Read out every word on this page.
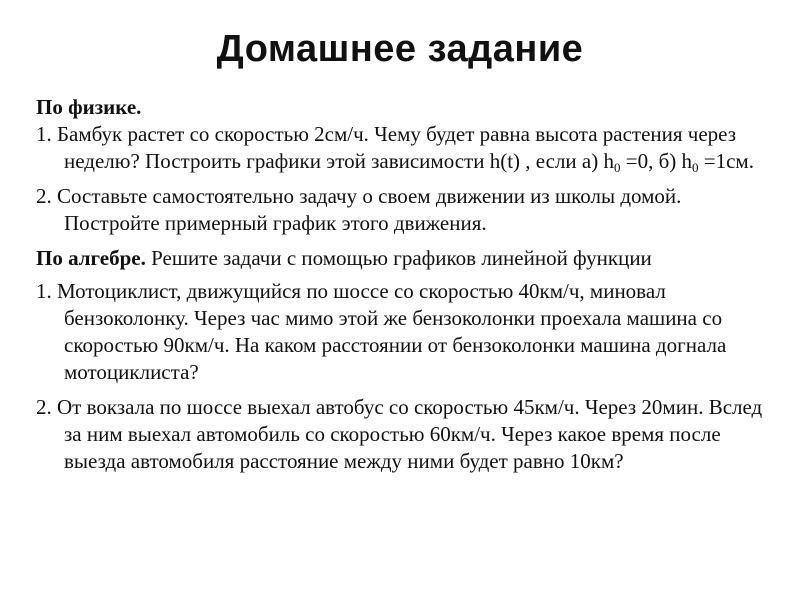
Домашнее задание

По физике.

1. Бамбук растет со скоростью 2см/ч. Чему будет равна высота растения через неделю? Построить графики этой зависимости h(t) , если а) $h_0 =0$, б) $h_0 =1см$.

2. Составьте самостоятельно задачу о своем движении из школы домой. Постройте примерный график этого движения.

По алгебре. Решите задачи с помощью графиков линейной функции

1. Мотоциклист, движущийся по шоссе со скоростью 40км/ч, миновал бензоколонку. Через час мимо этой же бензоколонки проехала машина со скоростью 90км/ч. На каком расстоянии от бензоколонки машина догнала мотоциклиста?

2. От вокзала по шоссе выехал автобус со скоростью 45км/ч. Через 20мин. Вслед за ним выехал автомобиль со скоростью 60км/ч. Через какое время после выезда автомобиля расстояние между ними будет равно 10км?
